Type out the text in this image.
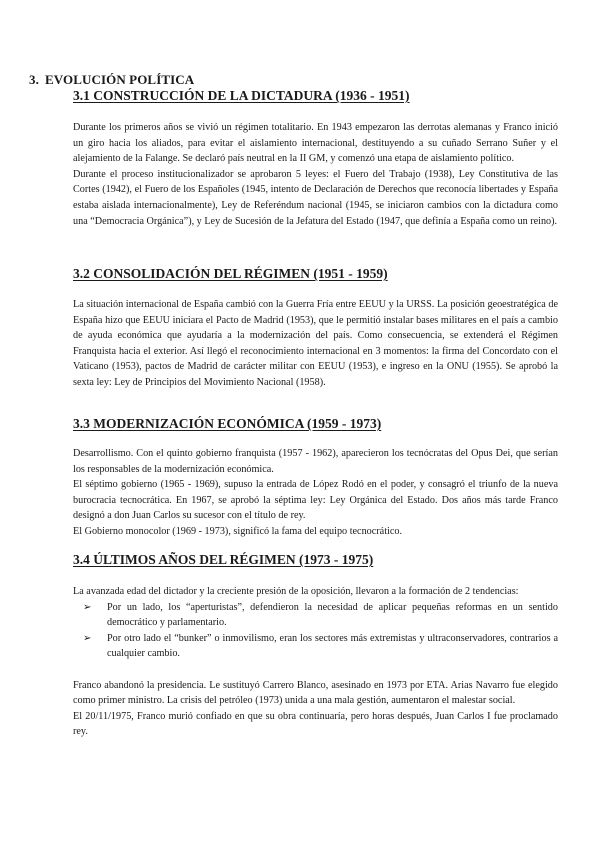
3. EVOLUCIÓN POLÍTICA
3.1 CONSTRUCCIÓN DE LA DICTADURA (1936 - 1951)

Durante los primeros años se vivió un régimen totalitario. En 1943 empezaron las derrotas alemanas y Franco inició un giro hacia los aliados, para evitar el aislamiento internacional, destituyendo a su cuñado Serrano Suñer y el alejamiento de la Falange. Se declaró país neutral en la II GM, y comenzó una etapa de aislamiento político.

Durante el proceso institucionalizador se aprobaron 5 leyes: el Fuero del Trabajo (1938), Ley Constitutiva de las Cortes (1942), el Fuero de los Españoles (1945, intento de Declaración de Derechos que reconocía libertades y España estaba aislada internacionalmente), Ley de Referéndum nacional (1945, se iniciaron cambios con la dictadura como una “Democracia Orgánica”), y Ley de Sucesión de la Jefatura del Estado (1947, que definía a España como un reino).

3.2 CONSOLIDACIÓN DEL RÉGIMEN (1951 - 1959)

La situación internacional de España cambió con la Guerra Fría entre EEUU y la URSS. La posición geoestratégica de España hizo que EEUU iniciara el Pacto de Madrid (1953), que le permitió instalar bases militares en el país a cambio de ayuda económica que ayudaría a la modernización del país. Como consecuencia, se extenderá el Régimen Franquista hacia el exterior. Así llegó el reconocimiento internacional en 3 momentos: la firma del Concordato con el Vaticano (1953), pactos de Madrid de carácter militar con EEUU (1953), e ingreso en la ONU (1955). Se aprobó la sexta ley: Ley de Principios del Movimiento Nacional (1958).

3.3 MODERNIZACIÓN ECONÓMICA (1959 - 1973)

Desarrollismo. Con el quinto gobierno franquista (1957 - 1962), aparecieron los tecnócratas del Opus Dei, que serían los responsables de la modernización económica.

El séptimo gobierno (1965 - 1969), supuso la entrada de López Rodó en el poder, y consagró el triunfo de la nueva burocracia tecnocrática. En 1967, se aprobó la séptima ley: Ley Orgánica del Estado. Dos años más tarde Franco designó a don Juan Carlos su sucesor con el título de rey.

El Gobierno monocolor (1969 - 1973), significó la fama del equipo tecnocrático.

3.4 ÚLTIMOS AÑOS DEL RÉGIMEN (1973 - 1975)

La avanzada edad del dictador y la creciente presión de la oposición, llevaron a la formación de 2 tendencias:

➢ Por un lado, los “aperturistas”, defendieron la necesidad de aplicar pequeñas reformas en un sentido democrático y parlamentario.
➢ Por otro lado el “bunker” o inmovilismo, eran los sectores más extremistas y ultraconservadores, contrarios a cualquier cambio.

Franco abandonó la presidencia. Le sustituyó Carrero Blanco, asesinado en 1973 por ETA. Arias Navarro fue elegido como primer ministro. La crisis del petróleo (1973) unida a una mala gestión, aumentaron el malestar social.

El 20/11/1975, Franco murió confiado en que su obra continuaría, pero horas después, Juan Carlos I fue proclamado rey.
